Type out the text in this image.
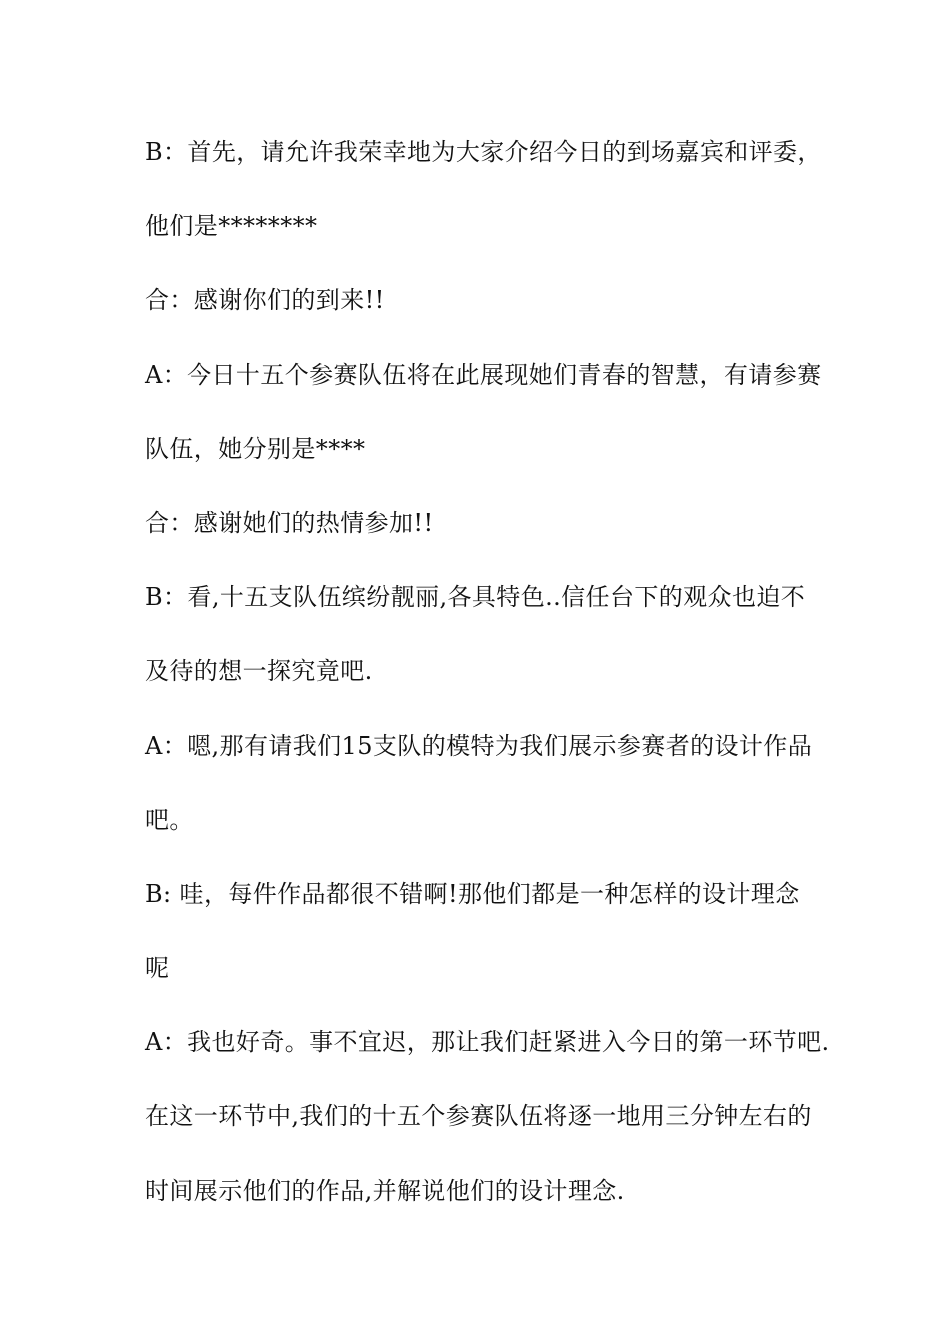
B：首先，请允许我荣幸地为大家介绍今日的到场嘉宾和评委，
他们是********
合：感谢你们的到来!!
A：今日十五个参赛队伍将在此展现她们青春的智慧，有请参赛
队伍，她分别是****
合：感谢她们的热情参加!!
B：看,十五支队伍缤纷靓丽,各具特色..信任台下的观众也迫不
及待的想一探究竟吧.
A：嗯,那有请我们15支队的模特为我们展示参赛者的设计作品
吧。
B: 哇，每件作品都很不错啊!那他们都是一种怎样的设计理念
呢
A：我也好奇。事不宜迟，那让我们赶紧进入今日的第一环节吧.
在这一环节中,我们的十五个参赛队伍将逐一地用三分钟左右的
时间展示他们的作品,并解说他们的设计理念.
